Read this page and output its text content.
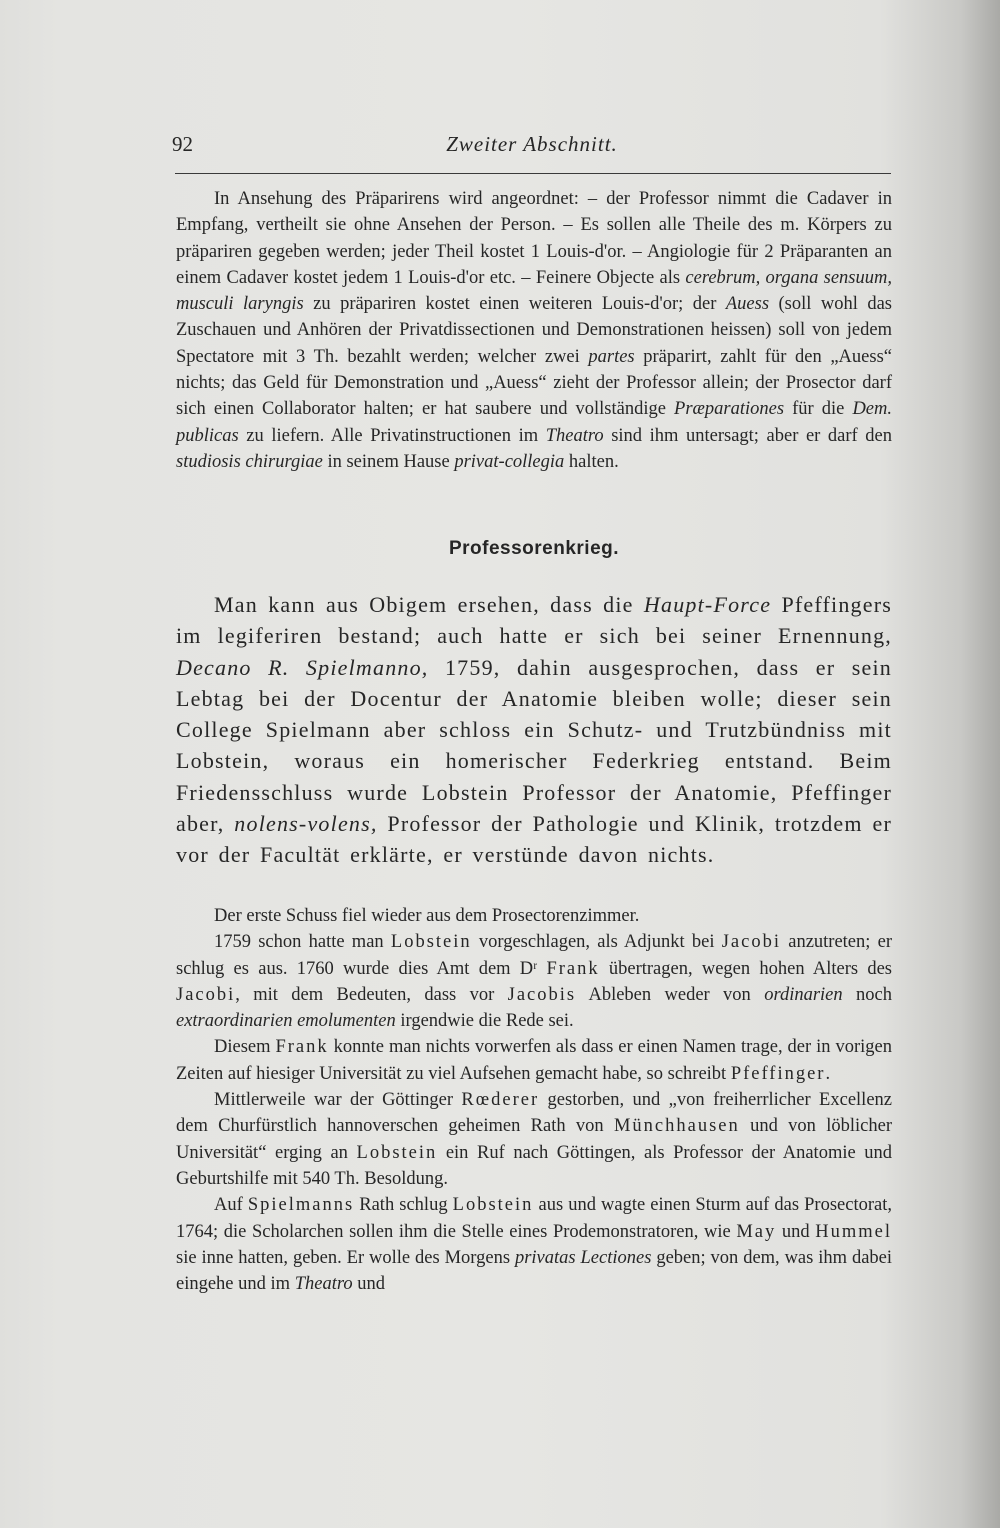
92	Zweiter Abschnitt.

In Ansehung des Präparirens wird angeordnet: – der Professor nimmt die Cadaver in Empfang, vertheilt sie ohne Ansehen der Person. – Es sollen alle Theile des m. Körpers zu präpariren gegeben werden; jeder Theil kostet 1 Louis-d'or. – Angiologie für 2 Präparanten an einem Cadaver kostet jedem 1 Louis-d'or etc. – Feinere Objecte als cerebrum, organa sensuum, musculi laryngis zu präpariren kostet einen weiteren Louis-d'or; der Auess (soll wohl das Zuschauen und Anhören der Privatdissectionen und Demonstrationen heissen) soll von jedem Spectatore mit 3 Th. bezahlt werden; welcher zwei partes präparirt, zahlt für den „Auess“ nichts; das Geld für Demonstration und „Auess“ zieht der Professor allein; der Prosector darf sich einen Collaborator halten; er hat saubere und vollständige Præparationes für die Dem. publicas zu liefern. Alle Privatinstructionen im Theatro sind ihm untersagt; aber er darf den studiosis chirurgiae in seinem Hause privat-collegia halten.

Professorenkrieg.

Man kann aus Obigem ersehen, dass die Haupt-Force Pfeffingers im legiferiren bestand; auch hatte er sich bei seiner Ernennung, Decano R. Spielmanno, 1759, dahin ausgesprochen, dass er sein Lebtag bei der Docentur der Anatomie bleiben wolle; dieser sein College Spielmann aber schloss ein Schutz- und Trutzbündniss mit Lobstein, woraus ein homerischer Federkrieg entstand. Beim Friedensschluss wurde Lobstein Professor der Anatomie, Pfeffinger aber, nolens-volens, Professor der Pathologie und Klinik, trotzdem er vor der Facultät erklärte, er verstünde davon nichts.

Der erste Schuss fiel wieder aus dem Prosectorenzimmer.

1759 schon hatte man Lobstein vorgeschlagen, als Adjunkt bei Jacobi anzutreten; er schlug es aus. 1760 wurde dies Amt dem Dʳ Frank übertragen, wegen hohen Alters des Jacobi, mit dem Bedeuten, dass vor Jacobis Ableben weder von ordinarien noch extraordinarien emolumenten irgendwie die Rede sei.

Diesem Frank konnte man nichts vorwerfen als dass er einen Namen trage, der in vorigen Zeiten auf hiesiger Universität zu viel Aufsehen gemacht habe, so schreibt Pfeffinger.

Mittlerweile war der Göttinger Rœderer gestorben, und „von freiherrlicher Excellenz dem Churfürstlich hannoverschen geheimen Rath von Münchhausen und von löblicher Universität“ erging an Lobstein ein Ruf nach Göttingen, als Professor der Anatomie und Geburtshilfe mit 540 Th. Besoldung.

Auf Spielmanns Rath schlug Lobstein aus und wagte einen Sturm auf das Prosectorat, 1764; die Scholarchen sollen ihm die Stelle eines Prodemonstratoren, wie May und Hummel sie inne hatten, geben. Er wolle des Morgens privatas Lectiones geben; von dem, was ihm dabei eingehe und im Theatro und
